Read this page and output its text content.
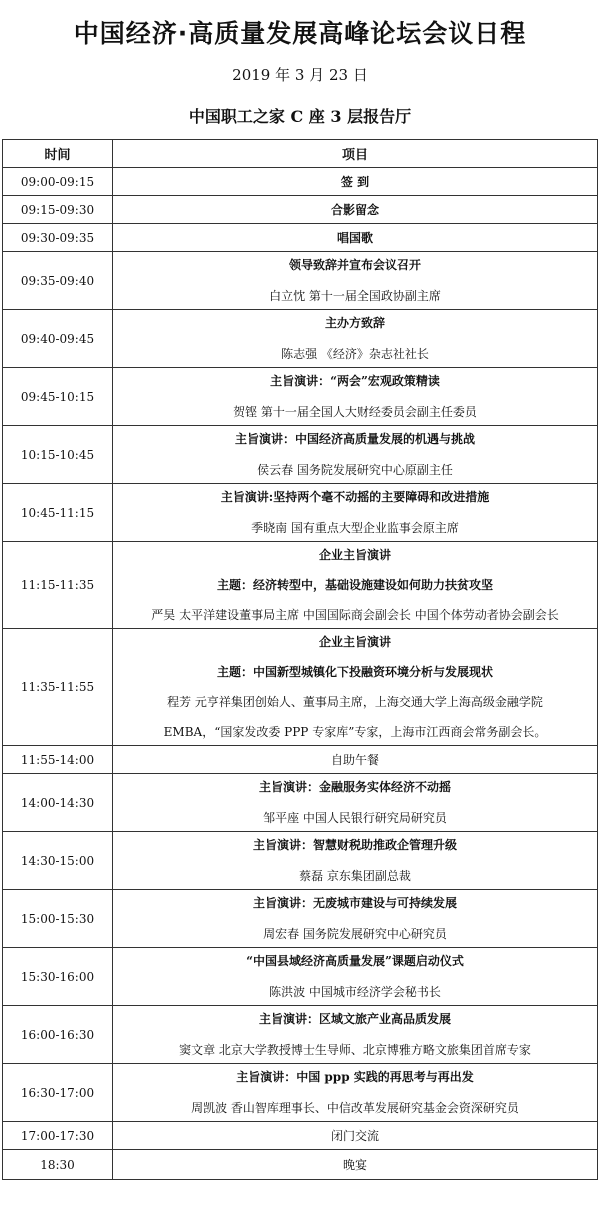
中国经济·高质量发展高峰论坛会议日程
2019 年 3 月 23 日
中国职工之家 C 座 3 层报告厅
时间	项目
09:00-09:15	签 到

09:15-09:30	合影留念

09:30-09:35	唱国歌

09:35-09:40	领导致辞并宣布会议召开
白立忱 第十一届全国政协副主席

09:40-09:45	主办方致辞
陈志强 《经济》杂志社社长

09:45-10:15	主旨演讲：“两会”宏观政策精读
贺铿 第十一届全国人大财经委员会副主任委员

10:15-10:45	主旨演讲：中国经济高质量发展的机遇与挑战
侯云春 国务院发展研究中心原副主任

10:45-11:15	主旨演讲:坚持两个毫不动摇的主要障碍和改进措施
季晓南 国有重点大型企业监事会原主席

11:15-11:35	企业主旨演讲
主题：经济转型中，基础设施建设如何助力扶贫攻坚
严昊 太平洋建设董事局主席 中国国际商会副会长 中国个体劳动者协会副会长

11:35-11:55	企业主旨演讲
主题：中国新型城镇化下投融资环境分析与发展现状
程芳 元亨祥集团创始人、董事局主席，上海交通大学上海高级金融学院
EMBA，“国家发改委 PPP 专家库”专家，上海市江西商会常务副会长。

11:55-14:00	自助午餐

14:00-14:30	主旨演讲：金融服务实体经济不动摇
邹平座 中国人民银行研究局研究员

14:30-15:00	主旨演讲：智慧财税助推政企管理升级
蔡磊 京东集团副总裁

15:00-15:30	主旨演讲：无废城市建设与可持续发展
周宏春 国务院发展研究中心研究员

15:30-16:00	“中国县域经济高质量发展”课题启动仪式
陈洪波 中国城市经济学会秘书长

16:00-16:30	主旨演讲：区域文旅产业高品质发展
窦文章 北京大学教授博士生导师、北京博雅方略文旅集团首席专家

16:30-17:00	主旨演讲：中国 ppp 实践的再思考与再出发
周凯波 香山智库理事长、中信改革发展研究基金会资深研究员

17:00-17:30	闭门交流

18:30	晚宴
